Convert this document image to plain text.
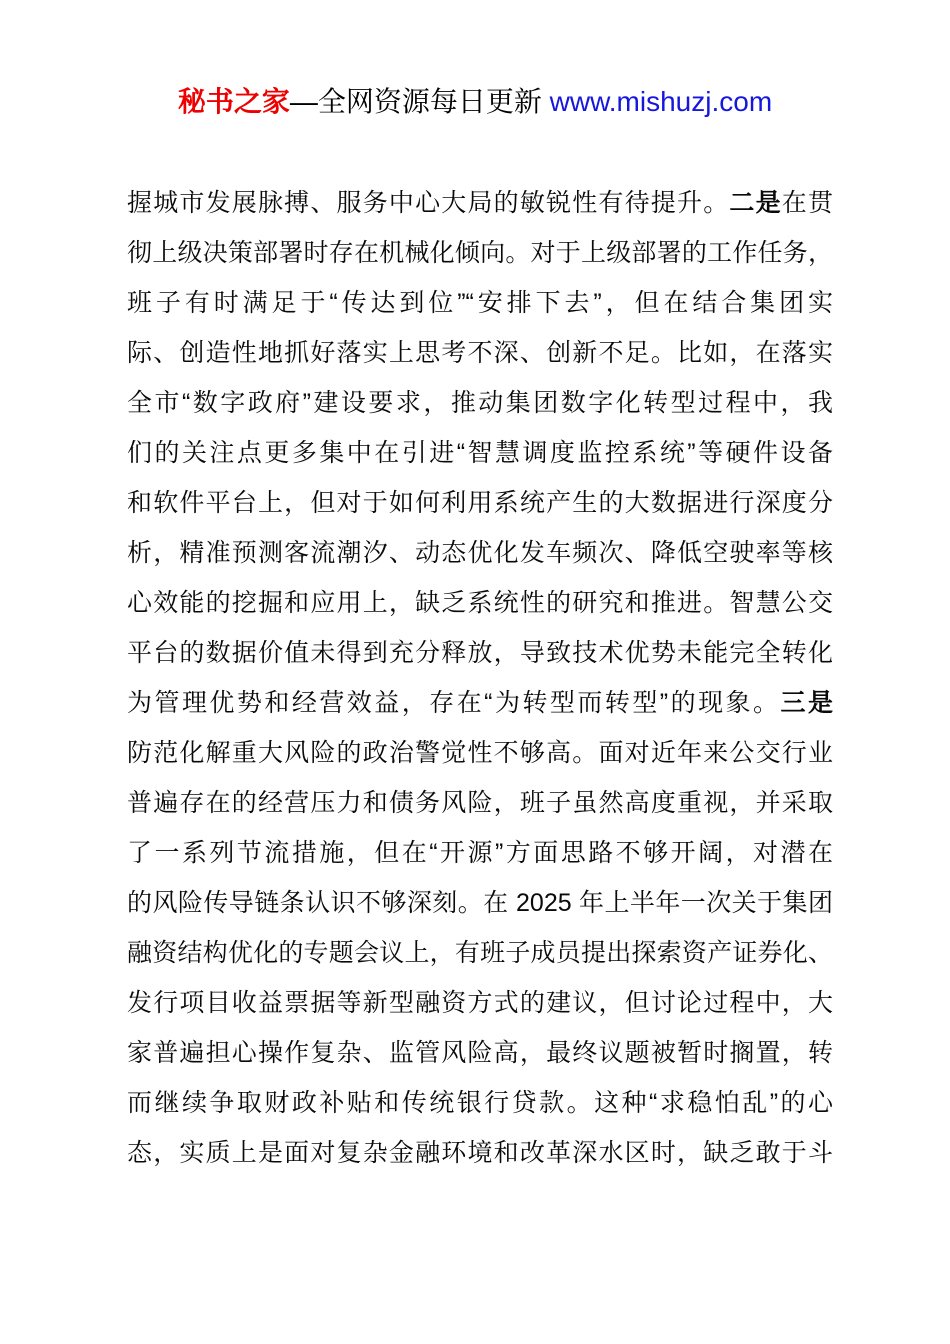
秘书之家—全网资源每日更新 www.mishuzj.com
握城市发展脉搏、服务中心大局的敏锐性有待提升。二是在贯
彻上级决策部署时存在机械化倾向。对于上级部署的工作任务，
班子有时满足于“传达到位”“安排下去”，但在结合集团实
际、创造性地抓好落实上思考不深、创新不足。比如，在落实
全市“数字政府”建设要求，推动集团数字化转型过程中，我
们的关注点更多集中在引进“智慧调度监控系统”等硬件设备
和软件平台上，但对于如何利用系统产生的大数据进行深度分
析，精准预测客流潮汐、动态优化发车频次、降低空驶率等核
心效能的挖掘和应用上，缺乏系统性的研究和推进。智慧公交
平台的数据价值未得到充分释放，导致技术优势未能完全转化
为管理优势和经营效益，存在“为转型而转型”的现象。三是
防范化解重大风险的政治警觉性不够高。面对近年来公交行业
普遍存在的经营压力和债务风险，班子虽然高度重视，并采取
了一系列节流措施，但在“开源”方面思路不够开阔，对潜在
的风险传导链条认识不够深刻。在 2025 年上半年一次关于集团
融资结构优化的专题会议上，有班子成员提出探索资产证券化、
发行项目收益票据等新型融资方式的建议，但讨论过程中，大
家普遍担心操作复杂、监管风险高，最终议题被暂时搁置，转
而继续争取财政补贴和传统银行贷款。这种“求稳怕乱”的心
态，实质上是面对复杂金融环境和改革深水区时，缺乏敢于斗
